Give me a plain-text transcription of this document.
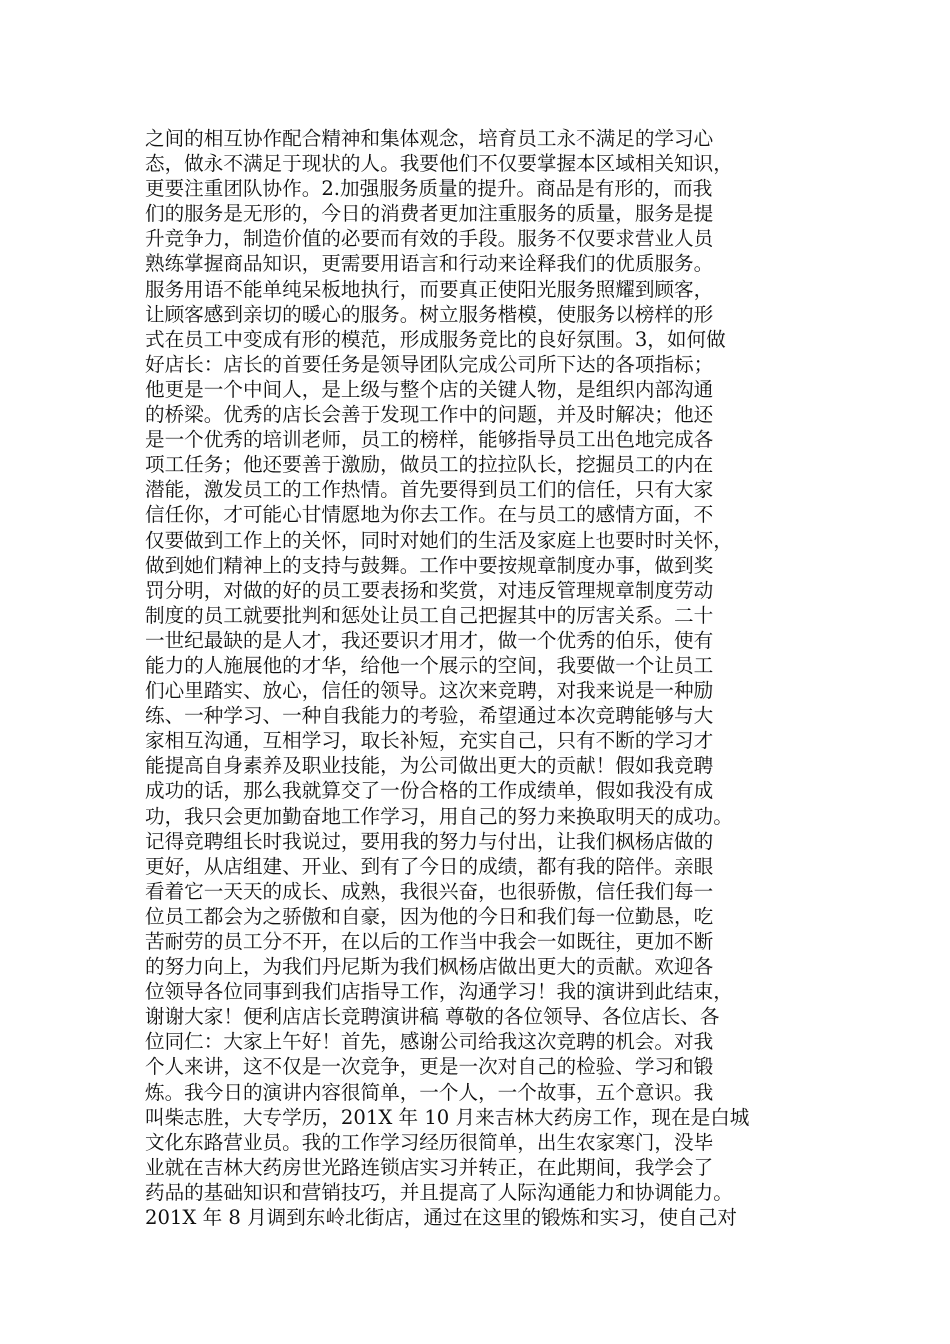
之间的相互协作配合精神和集体观念，培育员工永不满足的学习心
态，做永不满足于现状的人。我要他们不仅要掌握本区域相关知识，
更要注重团队协作。2.加强服务质量的提升。商品是有形的，而我
们的服务是无形的，今日的消费者更加注重服务的质量，服务是提
升竞争力，制造价值的必要而有效的手段。服务不仅要求营业人员
熟练掌握商品知识，更需要用语言和行动来诠释我们的优质服务。
服务用语不能单纯呆板地执行，而要真正使阳光服务照耀到顾客，
让顾客感到亲切的暖心的服务。树立服务楷模，使服务以榜样的形
式在员工中变成有形的模范，形成服务竞比的良好氛围。3，如何做
好店长：店长的首要任务是领导团队完成公司所下达的各项指标；
他更是一个中间人，是上级与整个店的关键人物，是组织内部沟通
的桥梁。优秀的店长会善于发现工作中的问题，并及时解决；他还
是一个优秀的培训老师，员工的榜样，能够指导员工出色地完成各
项工任务；他还要善于激励，做员工的拉拉队长，挖掘员工的内在
潜能，激发员工的工作热情。首先要得到员工们的信任，只有大家
信任你，才可能心甘情愿地为你去工作。在与员工的感情方面，不
仅要做到工作上的关怀，同时对她们的生活及家庭上也要时时关怀，
做到她们精神上的支持与鼓舞。工作中要按规章制度办事，做到奖
罚分明，对做的好的员工要表扬和奖赏，对违反管理规章制度劳动
制度的员工就要批判和惩处让员工自己把握其中的厉害关系。二十
一世纪最缺的是人才，我还要识才用才，做一个优秀的伯乐，使有
能力的人施展他的才华，给他一个展示的空间，我要做一个让员工
们心里踏实、放心，信任的领导。这次来竞聘，对我来说是一种励
练、一种学习、一种自我能力的考验，希望通过本次竞聘能够与大
家相互沟通，互相学习，取长补短，充实自己，只有不断的学习才
能提高自身素养及职业技能，为公司做出更大的贡献！假如我竞聘
成功的话，那么我就算交了一份合格的工作成绩单，假如我没有成
功，我只会更加勤奋地工作学习，用自己的努力来换取明天的成功。
记得竞聘组长时我说过，要用我的努力与付出，让我们枫杨店做的
更好，从店组建、开业、到有了今日的成绩，都有我的陪伴。亲眼
看着它一天天的成长、成熟，我很兴奋，也很骄傲，信任我们每一
位员工都会为之骄傲和自豪，因为他的今日和我们每一位勤恳，吃
苦耐劳的员工分不开，在以后的工作当中我会一如既往，更加不断
的努力向上，为我们丹尼斯为我们枫杨店做出更大的贡献。欢迎各
位领导各位同事到我们店指导工作，沟通学习！我的演讲到此结束，
谢谢大家！便利店店长竞聘演讲稿 尊敬的各位领导、各位店长、各
位同仁：大家上午好！首先，感谢公司给我这次竞聘的机会。对我
个人来讲，这不仅是一次竞争，更是一次对自己的检验、学习和锻
炼。我今日的演讲内容很简单，一个人，一个故事，五个意识。我
叫柴志胜，大专学历，201X 年 10 月来吉林大药房工作，现在是白城
文化东路营业员。我的工作学习经历很简单，出生农家寒门，没毕
业就在吉林大药房世光路连锁店实习并转正，在此期间，我学会了
药品的基础知识和营销技巧，并且提高了人际沟通能力和协调能力。
201X 年 8 月调到东岭北街店，通过在这里的锻炼和实习，使自己对
